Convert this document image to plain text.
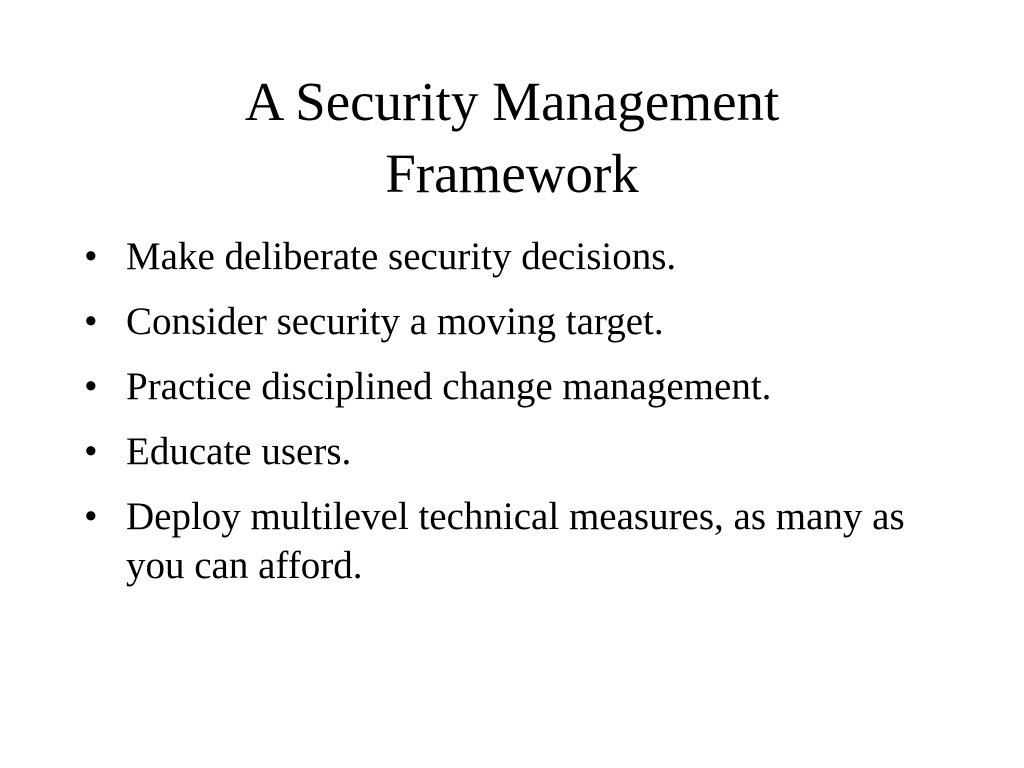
A Security Management
Framework
• Make deliberate security decisions.
• Consider security a moving target.
• Practice disciplined change management.
• Educate users.
• Deploy multilevel technical measures, as many as you can afford.
